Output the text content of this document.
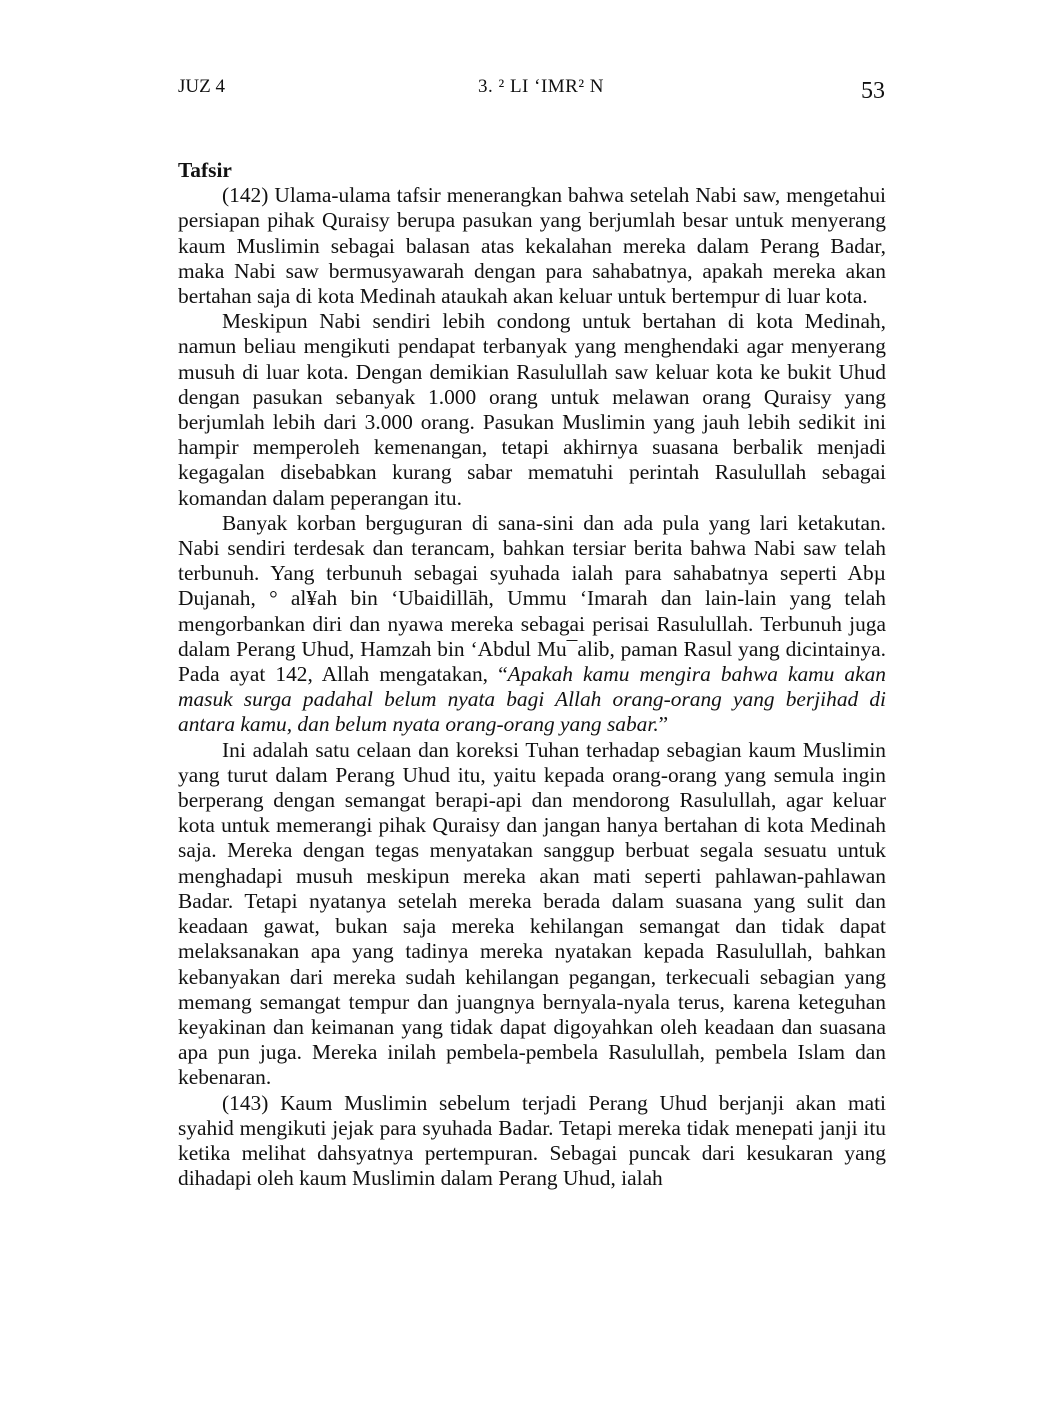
JUZ 4	3. ² LI ‘IMR² N	53

Tafsir

(142) Ulama-ulama tafsir menerangkan bahwa setelah Nabi saw, mengetahui persiapan pihak Quraisy berupa pasukan yang berjumlah besar untuk menyerang kaum Muslimin sebagai balasan atas kekalahan mereka dalam Perang Badar, maka Nabi saw bermusyawarah dengan para sahabatnya, apakah mereka akan bertahan saja di kota Medinah ataukah akan keluar untuk bertempur di luar kota.

Meskipun Nabi sendiri lebih condong untuk bertahan di kota Medinah, namun beliau mengikuti pendapat terbanyak yang menghendaki agar menyerang musuh di luar kota. Dengan demikian Rasulullah saw keluar kota ke bukit Uhud dengan pasukan sebanyak 1.000 orang untuk melawan orang Quraisy yang berjumlah lebih dari 3.000 orang. Pasukan Muslimin yang jauh lebih sedikit ini hampir memperoleh kemenangan, tetapi akhirnya suasana berbalik menjadi kegagalan disebabkan kurang sabar mematuhi perintah Rasulullah sebagai komandan dalam peperangan itu.

Banyak korban berguguran di sana-sini dan ada pula yang lari ketakutan. Nabi sendiri terdesak dan terancam, bahkan tersiar berita bahwa Nabi saw telah terbunuh. Yang terbunuh sebagai syuhada ialah para sahabatnya seperti Abµ Dujanah, ° al¥ah bin ‘Ubaidillāh, Ummu ‘Imarah dan lain-lain yang telah mengorbankan diri dan nyawa mereka sebagai perisai Rasulullah. Terbunuh juga dalam Perang Uhud, Hamzah bin ‘Abdul Mu¯alib, paman Rasul yang dicintainya. Pada ayat 142, Allah mengatakan, “Apakah kamu mengira bahwa kamu akan masuk surga padahal belum nyata bagi Allah orang-orang yang berjihad di antara kamu, dan belum nyata orang-orang yang sabar.”

Ini adalah satu celaan dan koreksi Tuhan terhadap sebagian kaum Muslimin yang turut dalam Perang Uhud itu, yaitu kepada orang-orang yang semula ingin berperang dengan semangat berapi-api dan mendorong Rasulullah, agar keluar kota untuk memerangi pihak Quraisy dan jangan hanya bertahan di kota Medinah saja. Mereka dengan tegas menyatakan sanggup berbuat segala sesuatu untuk menghadapi musuh meskipun mereka akan mati seperti pahlawan-pahlawan Badar. Tetapi nyatanya setelah mereka berada dalam suasana yang sulit dan keadaan gawat, bukan saja mereka kehilangan semangat dan tidak dapat melaksanakan apa yang tadinya mereka nyatakan kepada Rasulullah, bahkan kebanyakan dari mereka sudah kehilangan pegangan, terkecuali sebagian yang memang semangat tempur dan juangnya bernyala-nyala terus, karena keteguhan keyakinan dan keimanan yang tidak dapat digoyahkan oleh keadaan dan suasana apa pun juga. Mereka inilah pembela-pembela Rasulullah, pembela Islam dan kebenaran.

(143) Kaum Muslimin sebelum terjadi Perang Uhud berjanji akan mati syahid mengikuti jejak para syuhada Badar. Tetapi mereka tidak menepati janji itu ketika melihat dahsyatnya pertempuran. Sebagai puncak dari kesukaran yang dihadapi oleh kaum Muslimin dalam Perang Uhud, ialah
